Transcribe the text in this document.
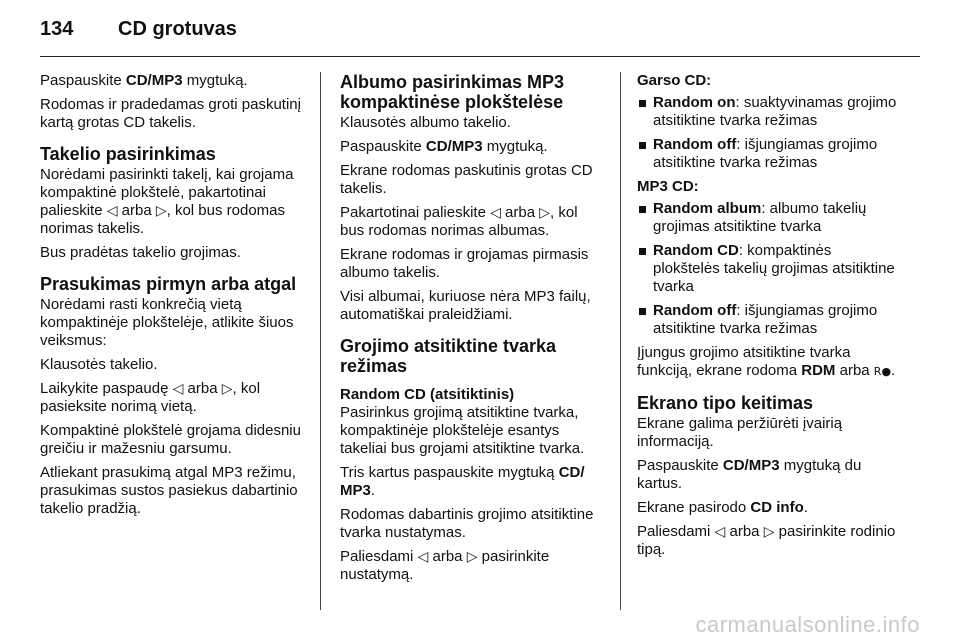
134 CD grotuvas

Paspauskite CD/MP3 mygtuką.

Rodomas ir pradedamas groti paskutinį kartą grotas CD takelis.

Takelio pasirinkimas

Norėdami pasirinkti takelį, kai grojama kompaktinė plokštelė, pakartotinai palieskite ◁ arba ▷, kol bus rodomas norimas takelis.

Bus pradėtas takelio grojimas.

Prasukimas pirmyn arba atgal

Norėdami rasti konkrečią vietą kompaktinėje plokštelėje, atlikite šiuos veiksmus:

Klausotės takelio.

Laikykite paspaudę ◁ arba ▷, kol pasieksite norimą vietą.

Kompaktinė plokštelė grojama didesniu greičiu ir mažesniu garsumu.

Atliekant prasukimą atgal MP3 režimu, prasukimas sustos pasiekus dabartinio takelio pradžią.

Albumo pasirinkimas MP3 kompaktinėse plokštelėse

Klausotės albumo takelio.

Paspauskite CD/MP3 mygtuką.

Ekrane rodomas paskutinis grotas CD takelis.

Pakartotinai palieskite ◁ arba ▷, kol bus rodomas norimas albumas.

Ekrane rodomas ir grojamas pirmasis albumo takelis.

Visi albumai, kuriuose nėra MP3 failų, automatiškai praleidžiami.

Grojimo atsitiktine tvarka režimas
Random CD (atsitiktinis)

Pasirinkus grojimą atsitiktine tvarka, kompaktinėje plokštelėje esantys takeliai bus grojami atsitiktine tvarka.

Tris kartus paspauskite mygtuką CD/ MP3.

Rodomas dabartinis grojimo atsitiktine tvarka nustatymas.

Paliesdami ◁ arba ▷ pasirinkite nustatymą.

Garso CD:

Random on: suaktyvinamas grojimo atsitiktine tvarka režimas
Random off: išjungiamas grojimo atsitiktine tvarka režimas

MP3 CD:

Random album: albumo takelių grojimas atsitiktine tvarka
Random CD: kompaktinės plokštelės takelių grojimas atsitiktine tvarka
Random off: išjungiamas grojimo atsitiktine tvarka režimas

Įjungus grojimo atsitiktine tvarka funkciją, ekrane rodoma RDM arba R●.

Ekrano tipo keitimas

Ekrane galima peržiūrėti įvairią informaciją.

Paspauskite CD/MP3 mygtuką du kartus.

Ekrane pasirodo CD info.

Paliesdami ◁ arba ▷ pasirinkite rodinio tipą.

carmanualsonline.info
